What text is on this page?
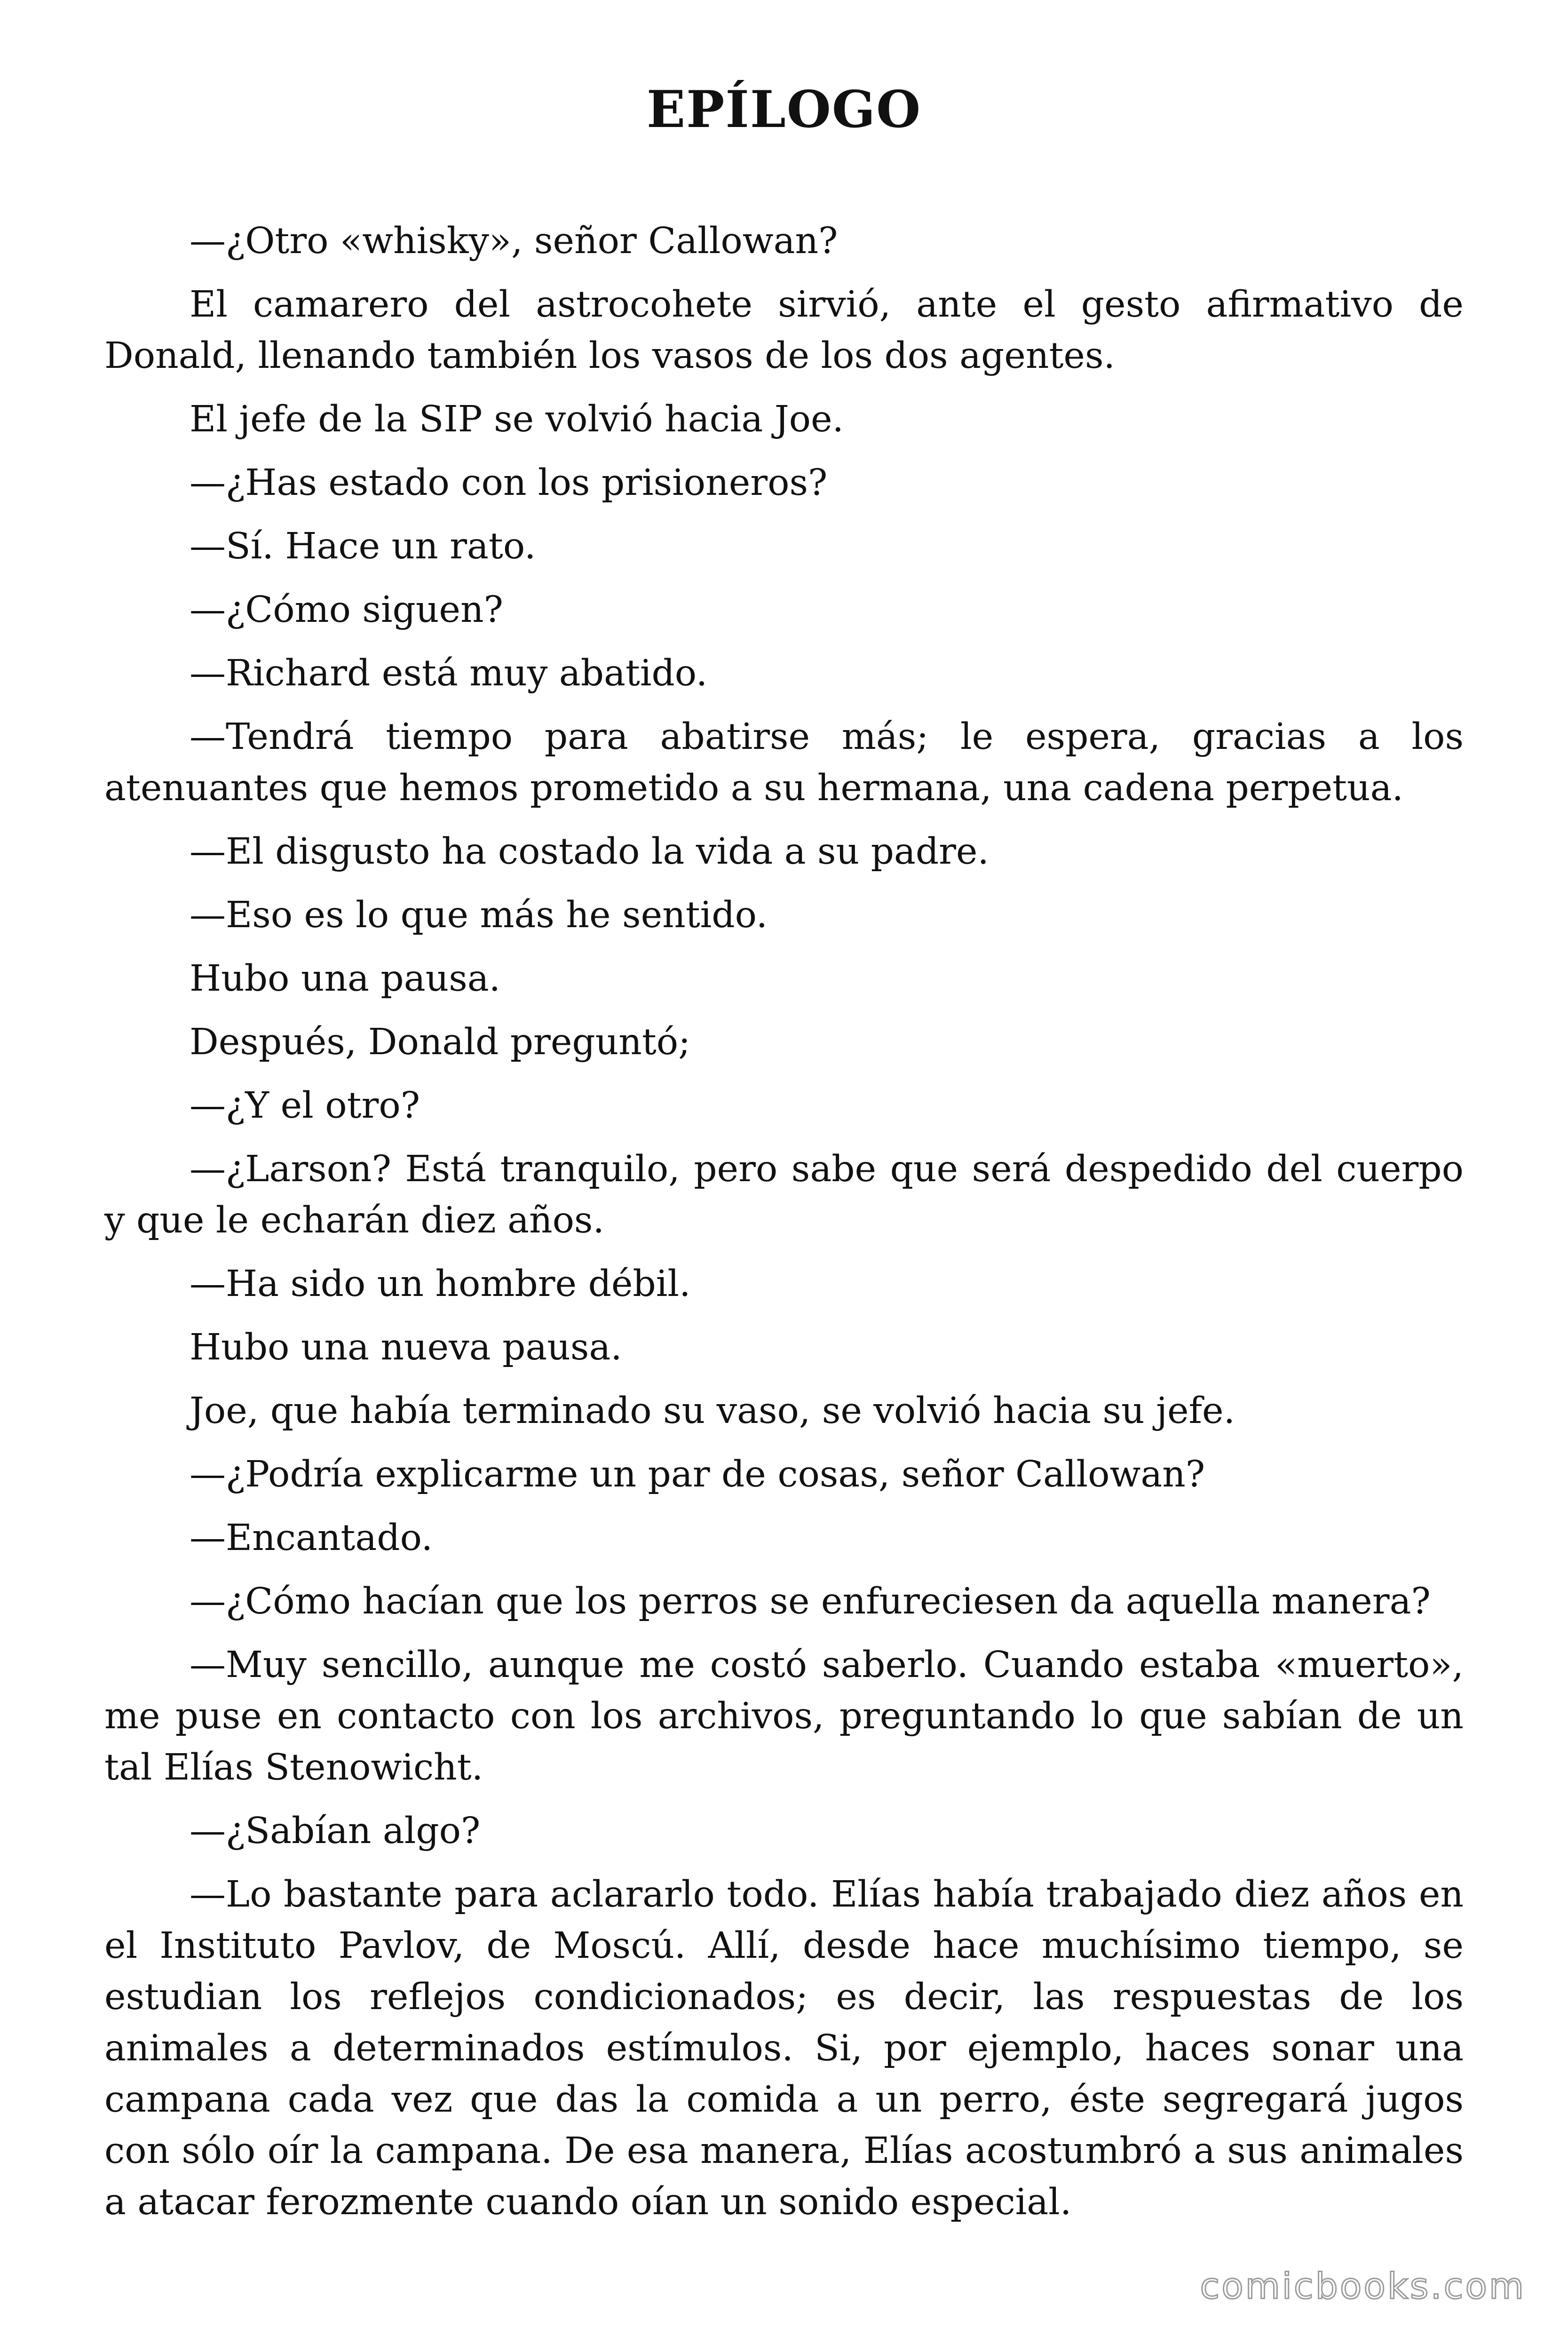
EPÍLOGO

—¿Otro «whisky», señor Callowan?

El camarero del astrocohete sirvió, ante el gesto afirmativo de Donald, llenando también los vasos de los dos agentes.

El jefe de la SIP se volvió hacia Joe.

—¿Has estado con los prisioneros?

—Sí. Hace un rato.

—¿Cómo siguen?

—Richard está muy abatido.

—Tendrá tiempo para abatirse más; le espera, gracias a los atenuantes que hemos prometido a su hermana, una cadena perpetua.

—El disgusto ha costado la vida a su padre.

—Eso es lo que más he sentido.

Hubo una pausa.

Después, Donald preguntó;

—¿Y el otro?

—¿Larson? Está tranquilo, pero sabe que será despedido del cuerpo y que le echarán diez años.

—Ha sido un hombre débil.

Hubo una nueva pausa.

Joe, que había terminado su vaso, se volvió hacia su jefe.

—¿Podría explicarme un par de cosas, señor Callowan?

—Encantado.

—¿Cómo hacían que los perros se enfureciesen da aquella manera?

—Muy sencillo, aunque me costó saberlo. Cuando estaba «muerto», me puse en contacto con los archivos, preguntando lo que sabían de un tal Elías Stenowicht.

—¿Sabían algo?

—Lo bastante para aclararlo todo. Elías había trabajado diez años en el Instituto Pavlov, de Moscú. Allí, desde hace muchísimo tiempo, se estudian los reflejos condicionados; es decir, las respuestas de los animales a determinados estímulos. Si, por ejemplo, haces sonar una campana cada vez que das la comida a un perro, éste segregará jugos con sólo oír la campana. De esa manera, Elías acostumbró a sus animales a atacar ferozmente cuando oían un sonido especial.

comicbooks.com
